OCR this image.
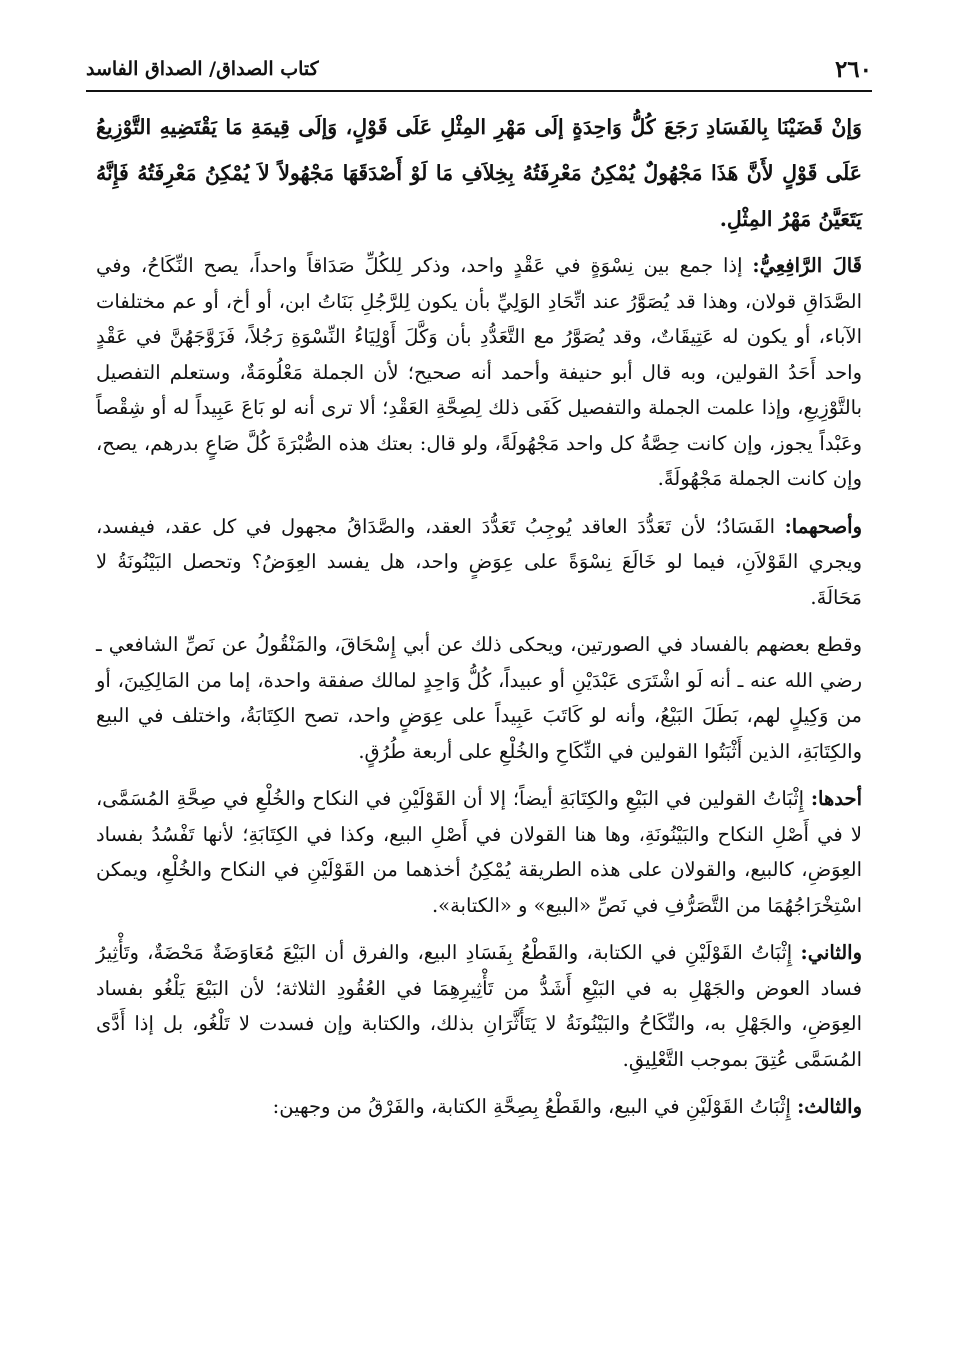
٢٦٠
كتاب الصداق/ الصداق الفاسد

وَإنْ قَضَيْنَا بِالفَسَادِ رَجَعَ كُلُّ وَاحِدَةٍ إلَى مَهْرِ المِثْلِ عَلَى قَوْلٍ، وَإلَى قِيمَةِ مَا يَقْتَضِيهِ التَّوْزِيعُ عَلَى قَوْلٍ لأَنَّ هَذَا مَجْهُولٌ يُمْكِنُ مَعْرِفَتُهُ بِخِلاَفِ مَا لَوْ أَصْدَقَهَا مَجْهُولاً لاَ يُمْكِنُ مَعْرِفَتُهُ فَإِنَّهُ يَتَعَيَّنُ مَهْرُ المِثْلِ.

قَالَ الرَّافِعِيُّ: إذا جمع بين نِسْوَةٍ في عَقْدٍ واحد، وذكر لِلكُلِّ صَدَاقاً واحداً، يصح النِّكَاحُ، وفي الصَّدَاقِ قولان، وهذا قد يُصَوَّرُ عند اتِّحَادِ الوَلِيِّ بأن يكون لِلرَّجُلِ بَنَاتُ ابن، أو أخ، أو عم مختلفات الآباء، أو يكون له عَتِيقَاتٌ، وقد يُصَوَّرُ مع التَّعَدُّدِ بأن وَكَّلَ أَوْلِيَاءُ النِّسْوَةِ رَجُلاً، فَزَوَّجَهُنَّ في عَقْدٍ واحد أَحَدُ القولين، وبه قال أبو حنيفة وأحمد أنه صحيح؛ لأن الجملة مَعْلُومَةٌ، وستعلم التفصيل بالتَّوْزِيعِ، وإذا علمت الجملة والتفصيل كَفَى ذلك لِصِحَّةِ العَقْدِ؛ ألا ترى أنه لو بَاعَ عَبِيداً له أو شِقْصاً وعَبْداً يجوز، وإن كانت حِصَّةُ كل واحد مَجْهُولَةً، ولو قال: بعتك هذه الصُّبْرَةَ كُلَّ صَاعٍ بدرهم، يصح، وإن كانت الجملة مَجْهُولَةً.

وأصحهما: الفَسَادُ؛ لأن تَعَدُّدَ العاقد يُوجِبُ تَعَدُّدَ العقد، والصَّدَاقُ مجهول في كل عقد، فيفسد، ويجري القَوْلاَنِ، فيما لو خَالَعَ نِسْوَةً على عِوَضٍ واحد، هل يفسد العِوَضُ؟ وتحصل البَيْنُونَةُ لا مَحَالَةَ.

وقطع بعضهم بالفساد في الصورتين، ويحكى ذلك عن أبي إِسْحَاقَ، والمَنْقُولُ عن نَصِّ الشافعي ـ رضي الله عنه ـ أنه لَو اشْتَرَى عَبْدَيْنِ أو عبيداً، كُلُّ وَاحِدٍ لمالك صفقة واحدة، إما من المَالِكِينَ، أو من وَكِيلٍ لهم، بَطَلَ البَيْعُ، وأنه لو كَاتَبَ عَبِيداً على عِوَضٍ واحد، تصح الكِتَابَةُ، واختلف في البيع والكِتَابَةِ، الذين أَثْبَتُوا القولين في النِّكَاحِ والخُلْعِ على أربعة طُرُقٍ.

أحدها: إِثْبَاتُ القولين في البَيْعِ والكِتَابَةِ أيضاً؛ إلا أن القَوْلَيْنِ في النكاح والخُلْعِ في صِحَّةِ المُسَمَّى، لا في أَصْلِ النكاح والبَيْنُونَةِ، وها هنا القولان في أَصْلِ البيع، وكذا في الكِتَابَةِ؛ لأنها تَفْسُدُ بفساد العِوَضِ، كالبيع، والقولان على هذه الطريقة يُمْكِنُ أخذهما من القَوْلَيْنِ في النكاح والخُلْعِ، ويمكن اسْتِخْرَاجُهُمَا من التَّصَرُّفِ في نَصِّ «البيع» و «الكتابة».

والثاني: إِثْبَاتُ القَوْلَيْنِ في الكتابة، والقَطْعُ بِفَسَادِ البيع، والفرق أن البَيْعَ مُعَاوَضَةٌ مَحْضَةٌ، وتَأْثِيرُ فساد العوض والجَهْلِ به في البَيْعِ أَشَدُّ من تَأْثِيرِهِمَا في العُقُودِ الثلاثة؛ لأن البَيْعَ يَلْغُو بفساد العِوَضِ، والجَهْلِ به، والنِّكَاحُ والبَيْنُونَةُ لا يَتَأَثَّرَانِ بذلك، والكتابة وإن فسدت لا تَلْغُو، بل إذا أَدَّى المُسَمَّى عُتِقَ بموجب التَّعْلِيقِ.

والثالث: إِثْبَاتُ القَوْلَيْنِ في البيع، والقَطْعُ بِصِحَّةِ الكتابة، والفَرْقُ من وجهين:
